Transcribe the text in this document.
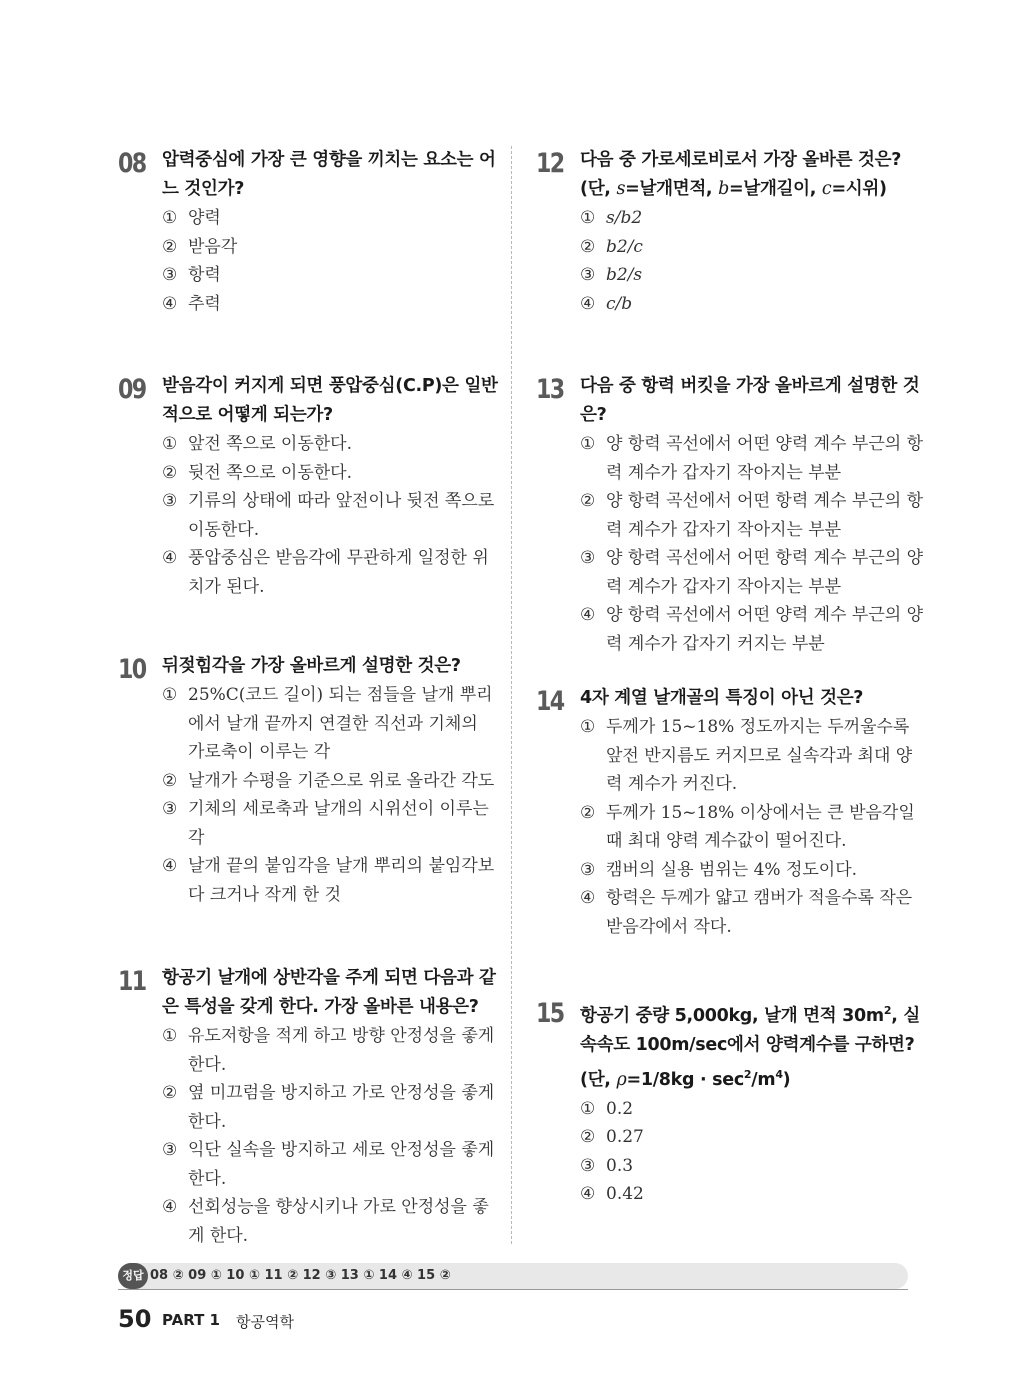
08 압력중심에 가장 큰 영향을 끼치는 요소는 어느 것인가?
① 양력
② 받음각
③ 항력
④ 추력
09 받음각이 커지게 되면 풍압중심(C.P)은 일반적으로 어떻게 되는가?
① 앞전 쪽으로 이동한다.
② 뒷전 쪽으로 이동한다.
③ 기류의 상태에 따라 앞전이나 뒷전 쪽으로 이동한다.
④ 풍압중심은 받음각에 무관하게 일정한 위치가 된다.
10 뒤젖힘각을 가장 올바르게 설명한 것은?
① 25%C(코드 길이) 되는 점들을 날개 뿌리에서 날개 끝까지 연결한 직선과 기체의 가로축이 이루는 각
② 날개가 수평을 기준으로 위로 올라간 각도
③ 기체의 세로축과 날개의 시위선이 이루는 각
④ 날개 끝의 붙임각을 날개 뿌리의 붙임각보다 크거나 작게 한 것
11 항공기 날개에 상반각을 주게 되면 다음과 같은 특성을 갖게 한다. 가장 올바른 내용은?
① 유도저항을 적게 하고 방향 안정성을 좋게 한다.
② 옆 미끄럼을 방지하고 가로 안정성을 좋게 한다.
③ 익단 실속을 방지하고 세로 안정성을 좋게 한다.
④ 선회성능을 향상시키나 가로 안정성을 좋게 한다.
12 다음 중 가로세로비로서 가장 올바른 것은?
(단, s=날개면적, b=날개길이, c=시위)
① s/b2
② b2/c
③ b2/s
④ c/b
13 다음 중 항력 버킷을 가장 올바르게 설명한 것은?
① 양 항력 곡선에서 어떤 양력 계수 부근의 항력 계수가 갑자기 작아지는 부분
② 양 항력 곡선에서 어떤 항력 계수 부근의 항력 계수가 갑자기 작아지는 부분
③ 양 항력 곡선에서 어떤 항력 계수 부근의 양력 계수가 갑자기 작아지는 부분
④ 양 항력 곡선에서 어떤 양력 계수 부근의 양력 계수가 갑자기 커지는 부분
14 4자 계열 날개골의 특징이 아닌 것은?
① 두께가 15~18% 정도까지는 두꺼울수록 앞전 반지름도 커지므로 실속각과 최대 양력 계수가 커진다.
② 두께가 15~18% 이상에서는 큰 받음각일 때 최대 양력 계수값이 떨어진다.
③ 캠버의 실용 범위는 4% 정도이다.
④ 항력은 두께가 얇고 캠버가 적을수록 작은 받음각에서 작다.
15 항공기 중량 5,000kg, 날개 면적 $30m^2$, 실속속도 100m/sec에서 양력계수를 구하면? (단, $\rho=1/8kg \cdot \sec^2/m^4$)
① 0.2
② 0.27
③ 0.3
④ 0.42
정답 08 ② 09 ① 10 ① 11 ② 12 ③ 13 ① 14 ④ 15 ②
50 PART 1 항공역학
